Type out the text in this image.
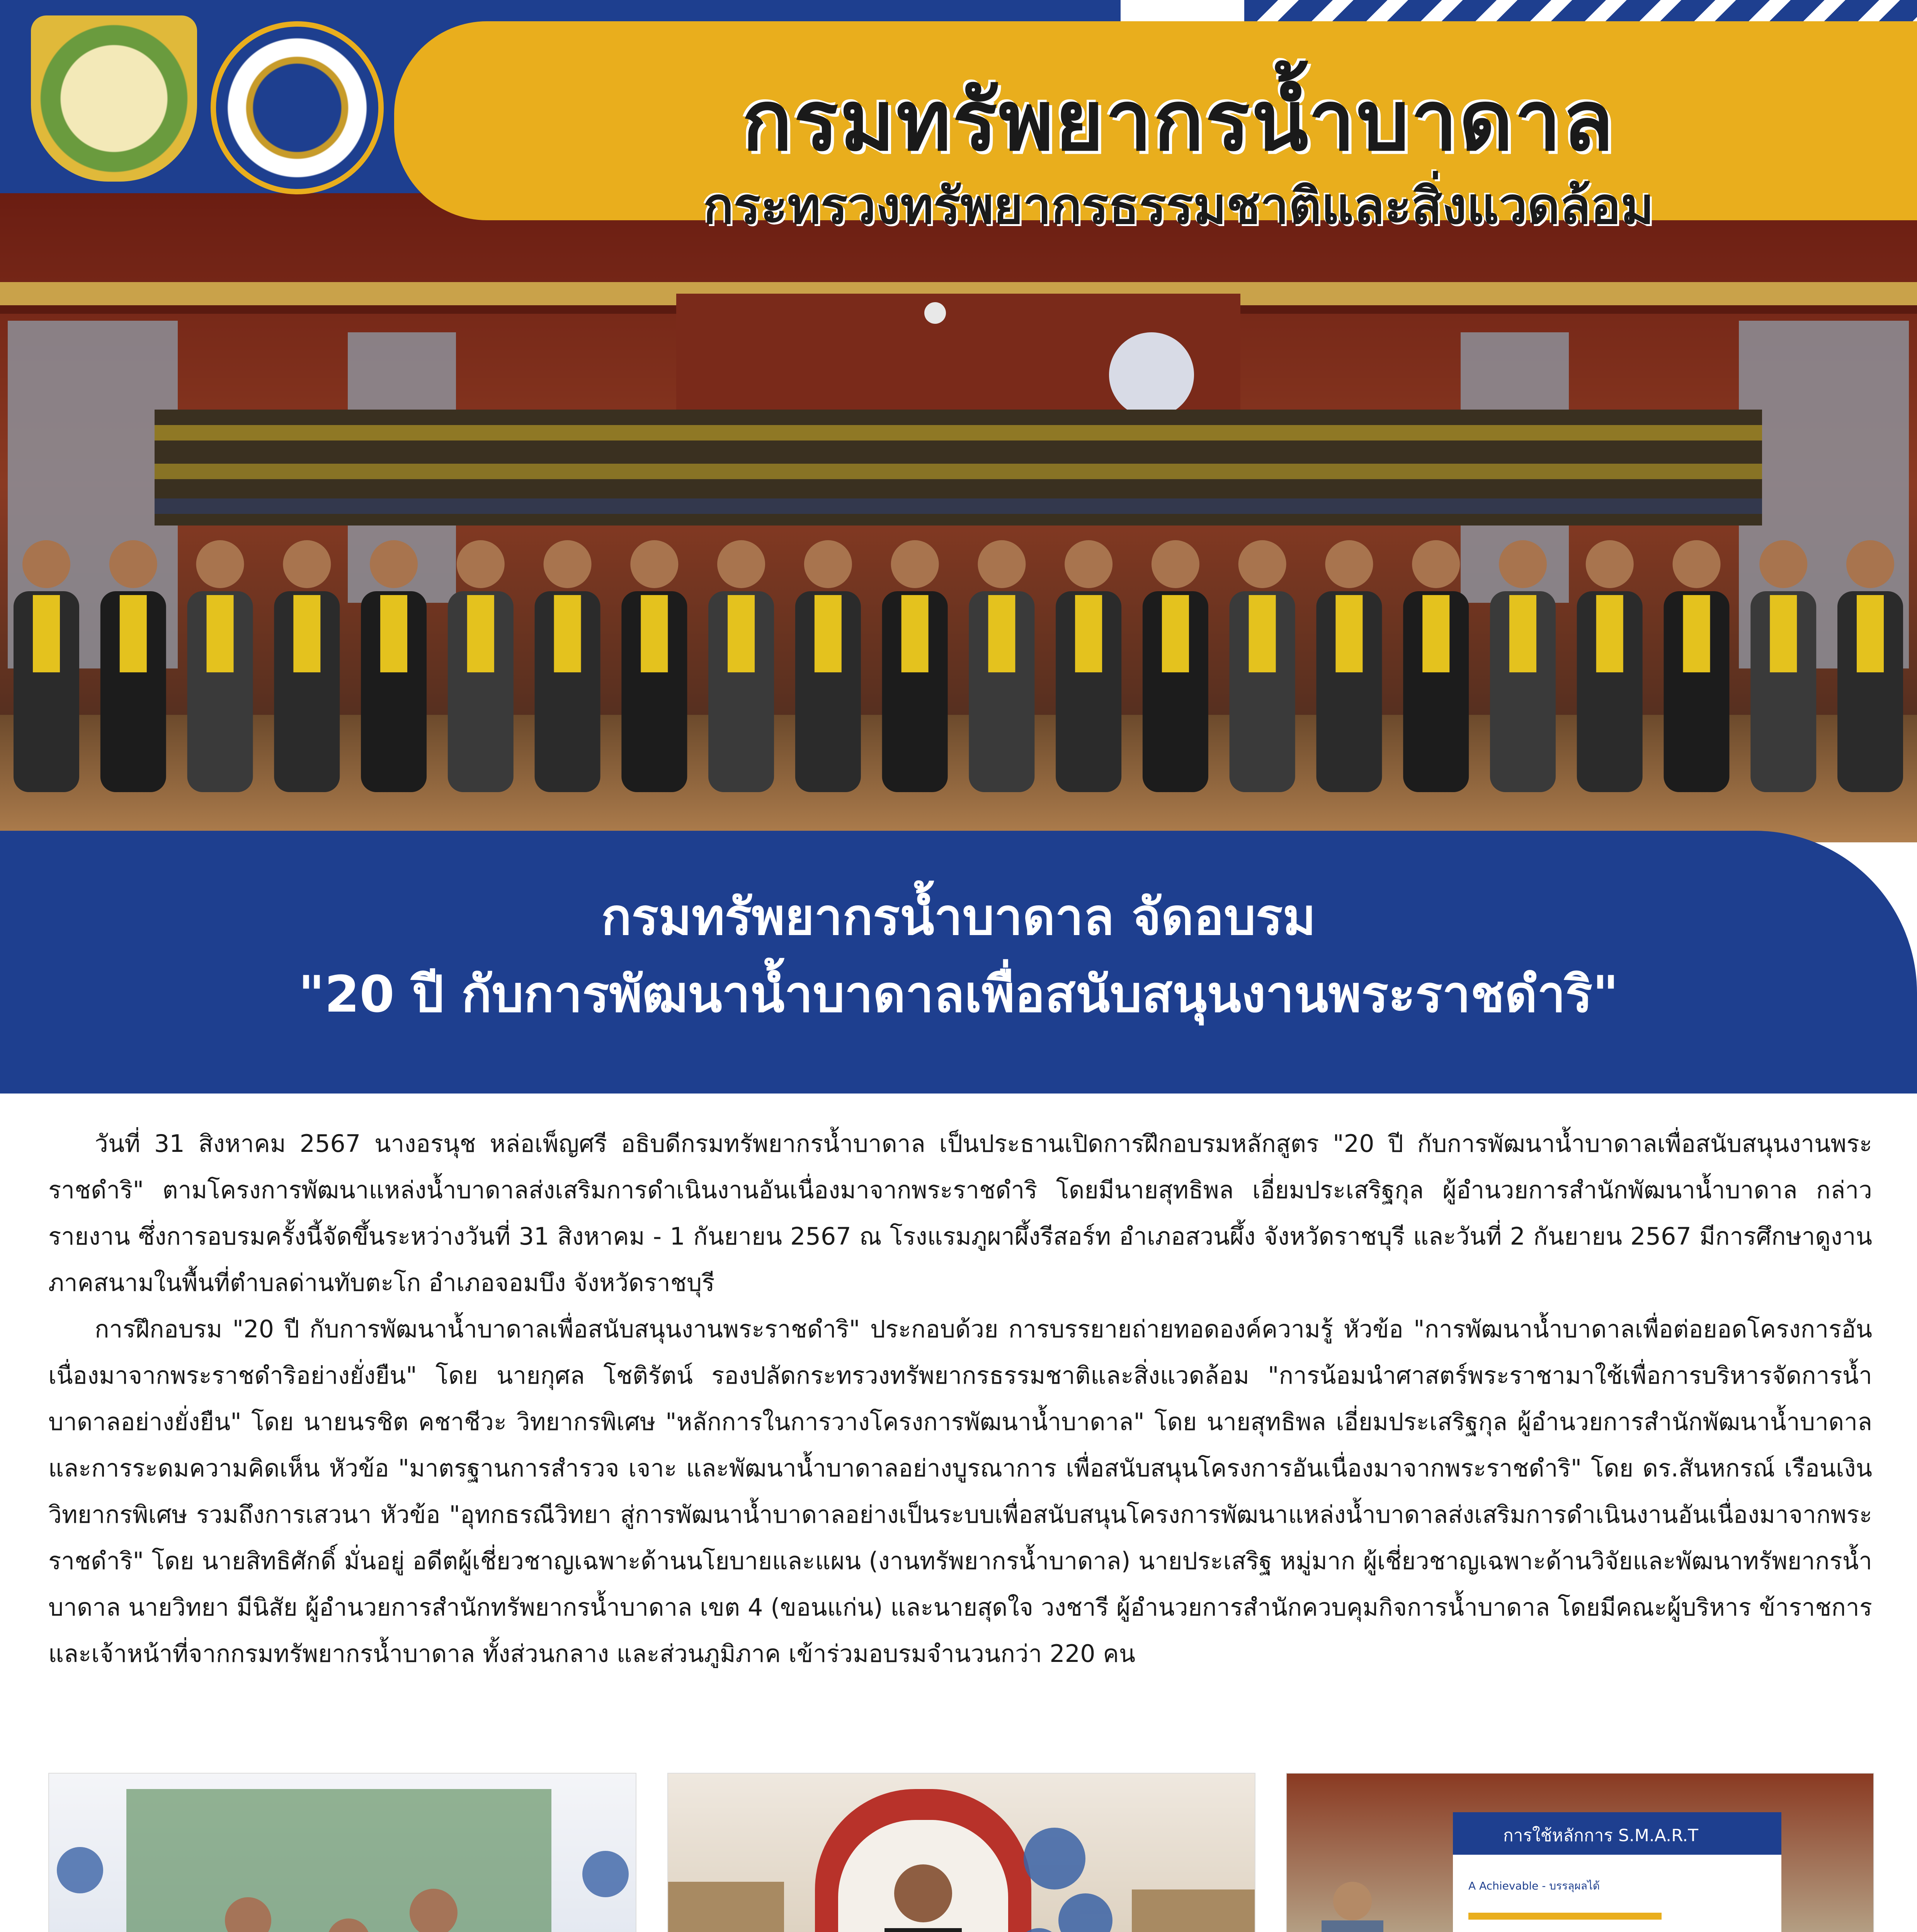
กรมทรัพยากรน้ำบาดาล
กระทรวงทรัพยากรธรรมชาติและสิ่งแวดล้อม
กรมทรัพยากรน้ำบาดาล จัดอบรม
"20 ปี กับการพัฒนาน้ำบาดาลเพื่อสนับสนุนงานพระราชดำริ"

วันที่ 31 สิงหาคม 2567 นางอรนุช หล่อเพ็ญศรี อธิบดีกรมทรัพยากรน้ำบาดาล เป็นประธานเปิดการฝึกอบรมหลักสูตร "20 ปี กับการพัฒนาน้ำบาดาลเพื่อสนับสนุนงานพระราชดำริ" ตามโครงการพัฒนาแหล่งน้ำบาดาลส่งเสริมการดำเนินงานอันเนื่องมาจากพระราชดำริ โดยมีนายสุทธิพล เอี่ยมประเสริฐกุล ผู้อำนวยการสำนักพัฒนาน้ำบาดาล กล่าวรายงาน ซึ่งการอบรมครั้งนี้จัดขึ้นระหว่างวันที่ 31 สิงหาคม - 1 กันยายน 2567 ณ โรงแรมภูผาผึ้งรีสอร์ท อำเภอสวนผึ้ง จังหวัดราชบุรี และวันที่ 2 กันยายน 2567 มีการศึกษาดูงานภาคสนามในพื้นที่ตำบลด่านทับตะโก อำเภอจอมบึง จังหวัดราชบุรี

การฝึกอบรม "20 ปี กับการพัฒนาน้ำบาดาลเพื่อสนับสนุนงานพระราชดำริ" ประกอบด้วย การบรรยายถ่ายทอดองค์ความรู้ หัวข้อ "การพัฒนาน้ำบาดาลเพื่อต่อยอดโครงการอันเนื่องมาจากพระราชดำริอย่างยั่งยืน" โดย นายกุศล โชติรัตน์ รองปลัดกระทรวงทรัพยากรธรรมชาติและสิ่งแวดล้อม "การน้อมนำศาสตร์พระราชามาใช้เพื่อการบริหารจัดการน้ำบาดาลอย่างยั่งยืน" โดย นายนรชิต คชาชีวะ วิทยากรพิเศษ "หลักการในการวางโครงการพัฒนาน้ำบาดาล" โดย นายสุทธิพล เอี่ยมประเสริฐกุล ผู้อำนวยการสำนักพัฒนาน้ำบาดาล และการระดมความคิดเห็น หัวข้อ "มาตรฐานการสำรวจ เจาะ และพัฒนาน้ำบาดาลอย่างบูรณาการ เพื่อสนับสนุนโครงการอันเนื่องมาจากพระราชดำริ" โดย ดร.สันหกรณ์ เรือนเงิน วิทยากรพิเศษ รวมถึงการเสวนา หัวข้อ "อุทกธรณีวิทยา สู่การพัฒนาน้ำบาดาลอย่างเป็นระบบเพื่อสนับสนุนโครงการพัฒนาแหล่งน้ำบาดาลส่งเสริมการดำเนินงานอันเนื่องมาจากพระราชดำริ" โดย นายสิทธิศักดิ์ มั่นอยู่ อดีตผู้เชี่ยวชาญเฉพาะด้านนโยบายและแผน (งานทรัพยากรน้ำบาดาล) นายประเสริฐ หมู่มาก ผู้เชี่ยวชาญเฉพาะด้านวิจัยและพัฒนาทรัพยากรน้ำบาดาล นายวิทยา มีนิสัย ผู้อำนวยการสำนักทรัพยากรน้ำบาดาล เขต 4 (ขอนแก่น) และนายสุดใจ วงชารี ผู้อำนวยการสำนักควบคุมกิจการน้ำบาดาล โดยมีคณะผู้บริหาร ข้าราชการ และเจ้าหน้าที่จากกรมทรัพยากรน้ำบาดาล ทั้งส่วนกลาง และส่วนภูมิภาค เข้าร่วมอบรมจำนวนกว่า 220 คน

การใช้หลักการ S.M.A.R.T
A Achievable - บรรลุผลได้
